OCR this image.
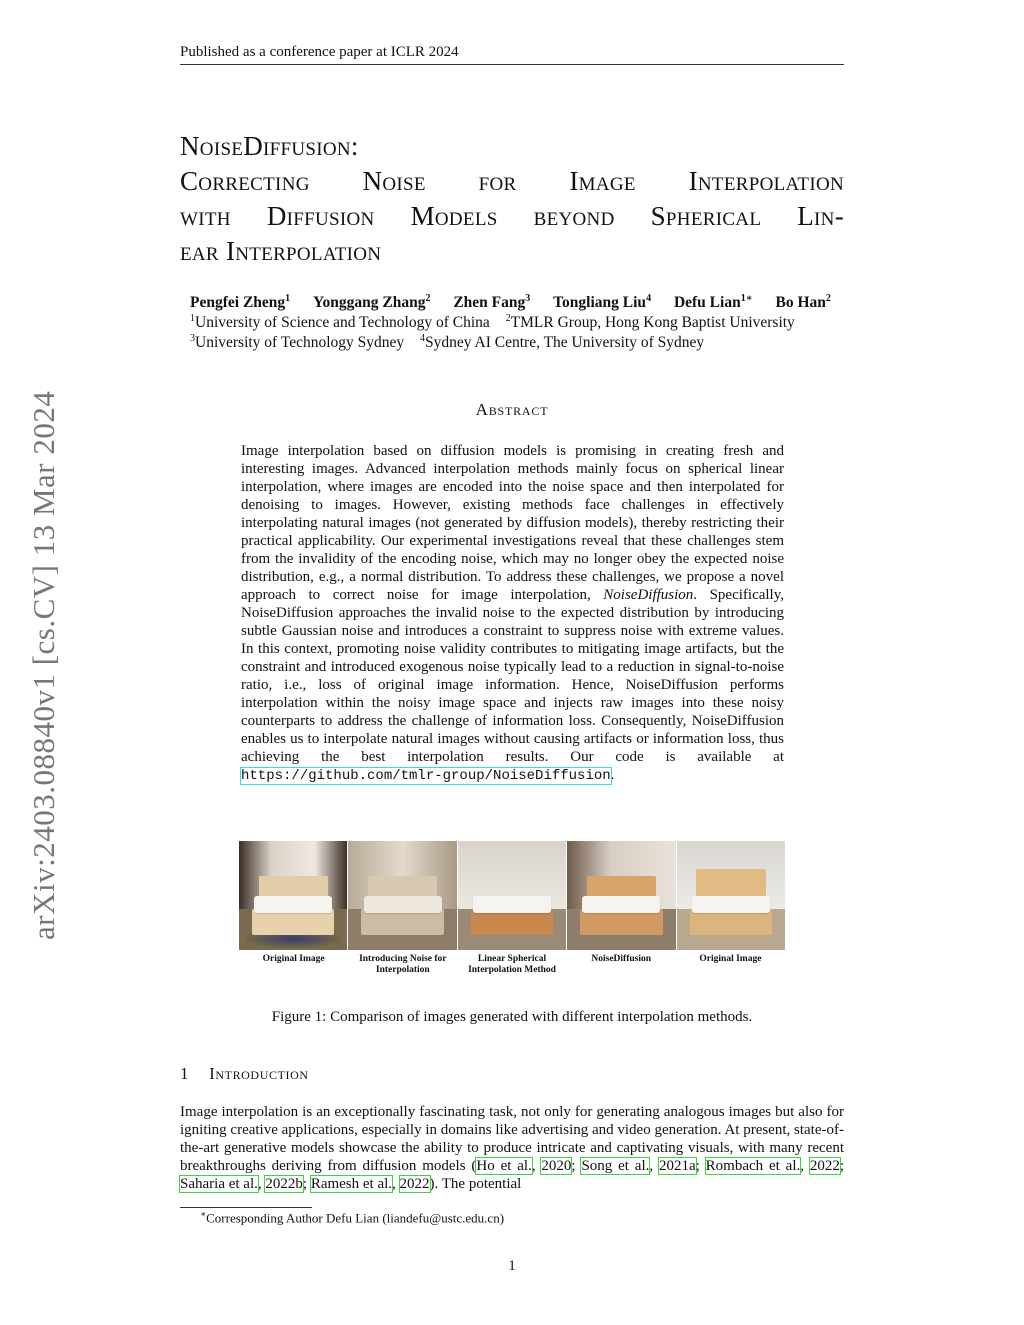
Published as a conference paper at ICLR 2024
arXiv:2403.08840v1 [cs.CV] 13 Mar 2024
NoiseDiffusion:
Correcting Noise for Image Interpolation
with Diffusion Models beyond Spherical Lin-
ear Interpolation
Pengfei Zheng$^1$ Yonggang Zhang$^2$ Zhen Fang$^3$ Tongliang Liu$^4$ Defu Lian$^{1∗}$ Bo Han$^2$
$^1$University of Science and Technology of China $^2$TMLR Group, Hong Kong Baptist University
$^3$University of Technology Sydney $^4$Sydney AI Centre, The University of Sydney
Abstract
Image interpolation based on diffusion models is promising in creating fresh and interesting images. Advanced interpolation methods mainly focus on spherical linear interpolation, where images are encoded into the noise space and then interpolated for denoising to images. However, existing methods face challenges in effectively interpolating natural images (not generated by diffusion models), thereby restricting their practical applicability. Our experimental investigations reveal that these challenges stem from the invalidity of the encoding noise, which may no longer obey the expected noise distribution, e.g., a normal distribution. To address these challenges, we propose a novel approach to correct noise for image interpolation, NoiseDiffusion. Specifically, NoiseDiffusion approaches the invalid noise to the expected distribution by introducing subtle Gaussian noise and introduces a constraint to suppress noise with extreme values. In this context, promoting noise validity contributes to mitigating image artifacts, but the constraint and introduced exogenous noise typically lead to a reduction in signal-to-noise ratio, i.e., loss of original image information. Hence, NoiseDiffusion performs interpolation within the noisy image space and injects raw images into these noisy counterparts to address the challenge of information loss. Consequently, NoiseDiffusion enables us to interpolate natural images without causing artifacts or information loss, thus achieving the best interpolation results. Our code is available at https://github.com/tmlr-group/NoiseDiffusion.
Original Image	Introducing Noise for Interpolation
Linear Spherical Interpolation Method
NoiseDiffusion	Original Image
Figure 1: Comparison of images generated with different interpolation methods.
1 Introduction
Image interpolation is an exceptionally fascinating task, not only for generating analogous images but also for igniting creative applications, especially in domains like advertising and video generation. At present, state-of-the-art generative models showcase the ability to produce intricate and captivating visuals, with many recent breakthroughs deriving from diffusion models (Ho et al., 2020; Song et al., 2021a; Rombach et al., 2022; Saharia et al., 2022b; Ramesh et al., 2022). The potential
∗Corresponding Author Defu Lian (liandefu@ustc.edu.cn)
1
